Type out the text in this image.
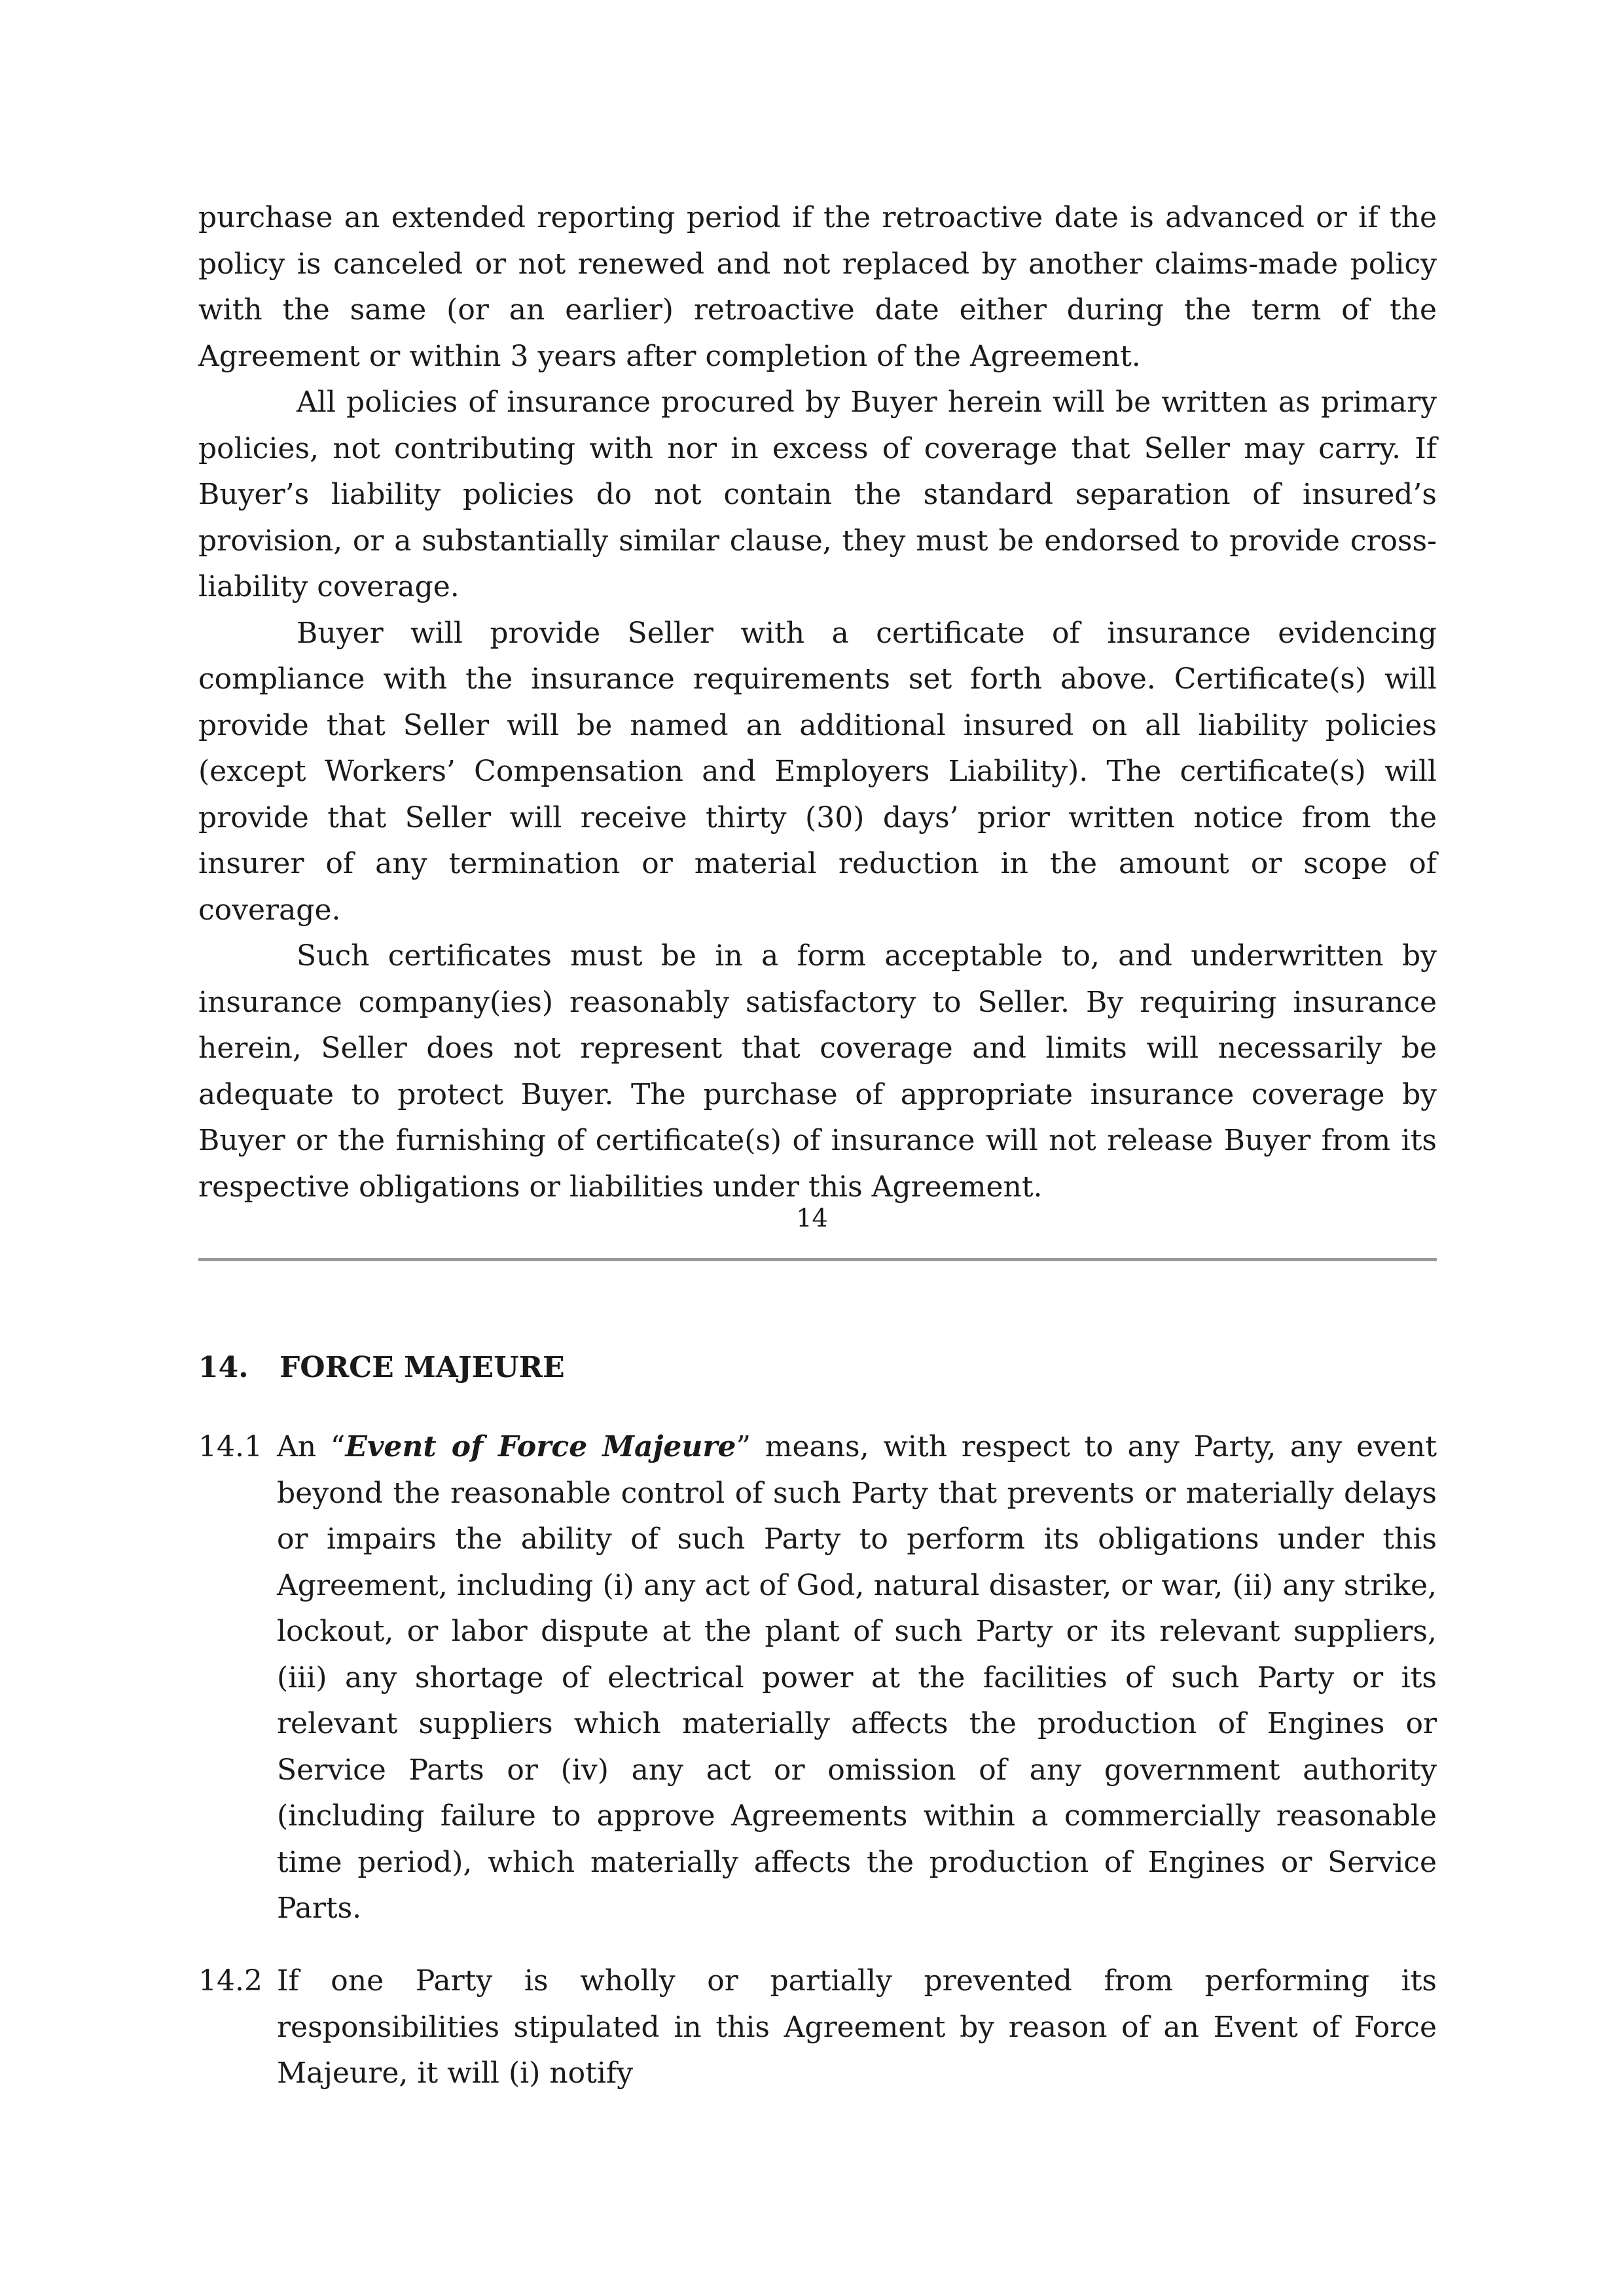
purchase an extended reporting period if the retroactive date is advanced or if the policy is canceled or not renewed and not replaced by another claims-made policy with the same (or an earlier) retroactive date either during the term of the Agreement or within 3 years after completion of the Agreement.

All policies of insurance procured by Buyer herein will be written as primary policies, not contributing with nor in excess of coverage that Seller may carry. If Buyer’s liability policies do not contain the standard separation of insured’s provision, or a substantially similar clause, they must be endorsed to provide cross-liability coverage.

Buyer will provide Seller with a certificate of insurance evidencing compliance with the insurance requirements set forth above. Certificate(s) will provide that Seller will be named an additional insured on all liability policies (except Workers’ Compensation and Employers Liability). The certificate(s) will provide that Seller will receive thirty (30) days’ prior written notice from the insurer of any termination or material reduction in the amount or scope of coverage.

Such certificates must be in a form acceptable to, and underwritten by insurance company(ies) reasonably satisfactory to Seller. By requiring insurance herein, Seller does not represent that coverage and limits will necessarily be adequate to protect Buyer. The purchase of appropriate insurance coverage by Buyer or the furnishing of certificate(s) of insurance will not release Buyer from its respective obligations or liabilities under this Agreement.

14
14. FORCE MAJEURE
14.1 An “Event of Force Majeure” means, with respect to any Party, any event beyond the reasonable control of such Party that prevents or materially delays or impairs the ability of such Party to perform its obligations under this Agreement, including (i) any act of God, natural disaster, or war, (ii) any strike, lockout, or labor dispute at the plant of such Party or its relevant suppliers, (iii) any shortage of electrical power at the facilities of such Party or its relevant suppliers which materially affects the production of Engines or Service Parts or (iv) any act or omission of any government authority (including failure to approve Agreements within a commercially reasonable time period), which materially affects the production of Engines or Service Parts.
14.2 If one Party is wholly or partially prevented from performing its responsibilities stipulated in this Agreement by reason of an Event of Force Majeure, it will (i) notify
